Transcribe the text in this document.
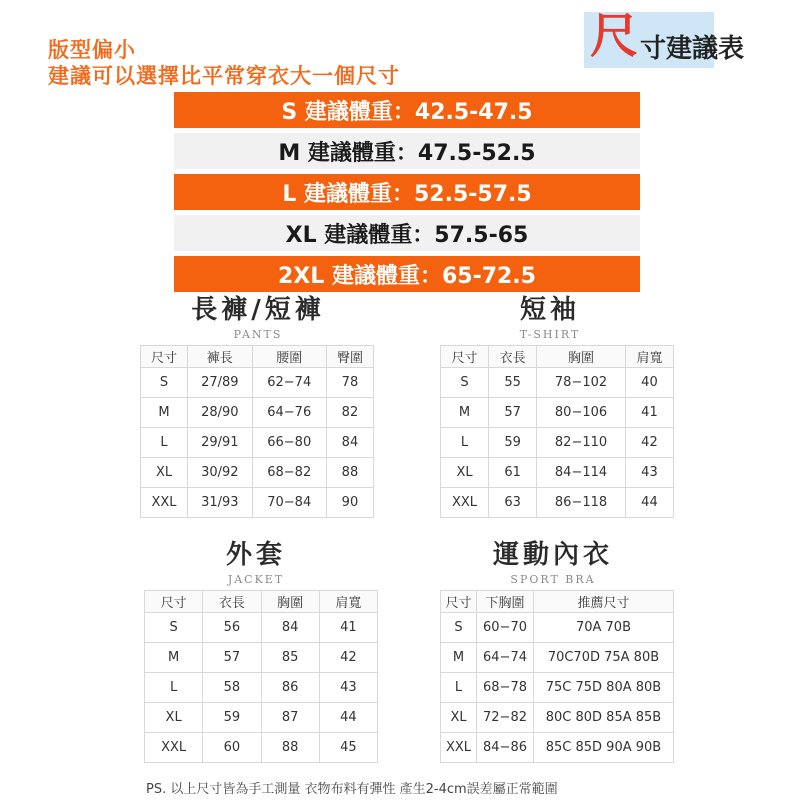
版型偏小
建議可以選擇比平常穿衣大一個尺寸
尺 寸建議表
S 建議體重：42.5-47.5
M 建議體重：47.5-52.5
L 建議體重：52.5-57.5
XL 建議體重：57.5-65
2XL 建議體重：65-72.5
長褲/短褲
PANTS
尺寸	褲長	腰圍	臀圍
S	27/89	62−74	78
M	28/90	64−76	82
L	29/91	66−80	84
XL	30/92	68−82	88
XXL	31/93	70−84	90
短袖
T-SHIRT
尺寸	衣長	胸圍	肩寬
S	55	78−102	40
M	57	80−106	41
L	59	82−110	42
XL	61	84−114	43
XXL	63	86−118	44
外套
JACKET
尺寸	衣長	胸圍	肩寬
S	56	84	41
M	57	85	42
L	58	86	43
XL	59	87	44
XXL	60	88	45
運動內衣
SPORT BRA
尺寸	下胸圍	推薦尺寸
S	60−70	70A 70B
M	64−74	70C70D 75A 80B
L	68−78	75C 75D 80A 80B
XL	72−82	80C 80D 85A 85B
XXL	84−86	85C 85D 90A 90B
PS. 以上尺寸皆為手工測量 衣物布料有彈性 產生2-4cm誤差屬正常範圍
